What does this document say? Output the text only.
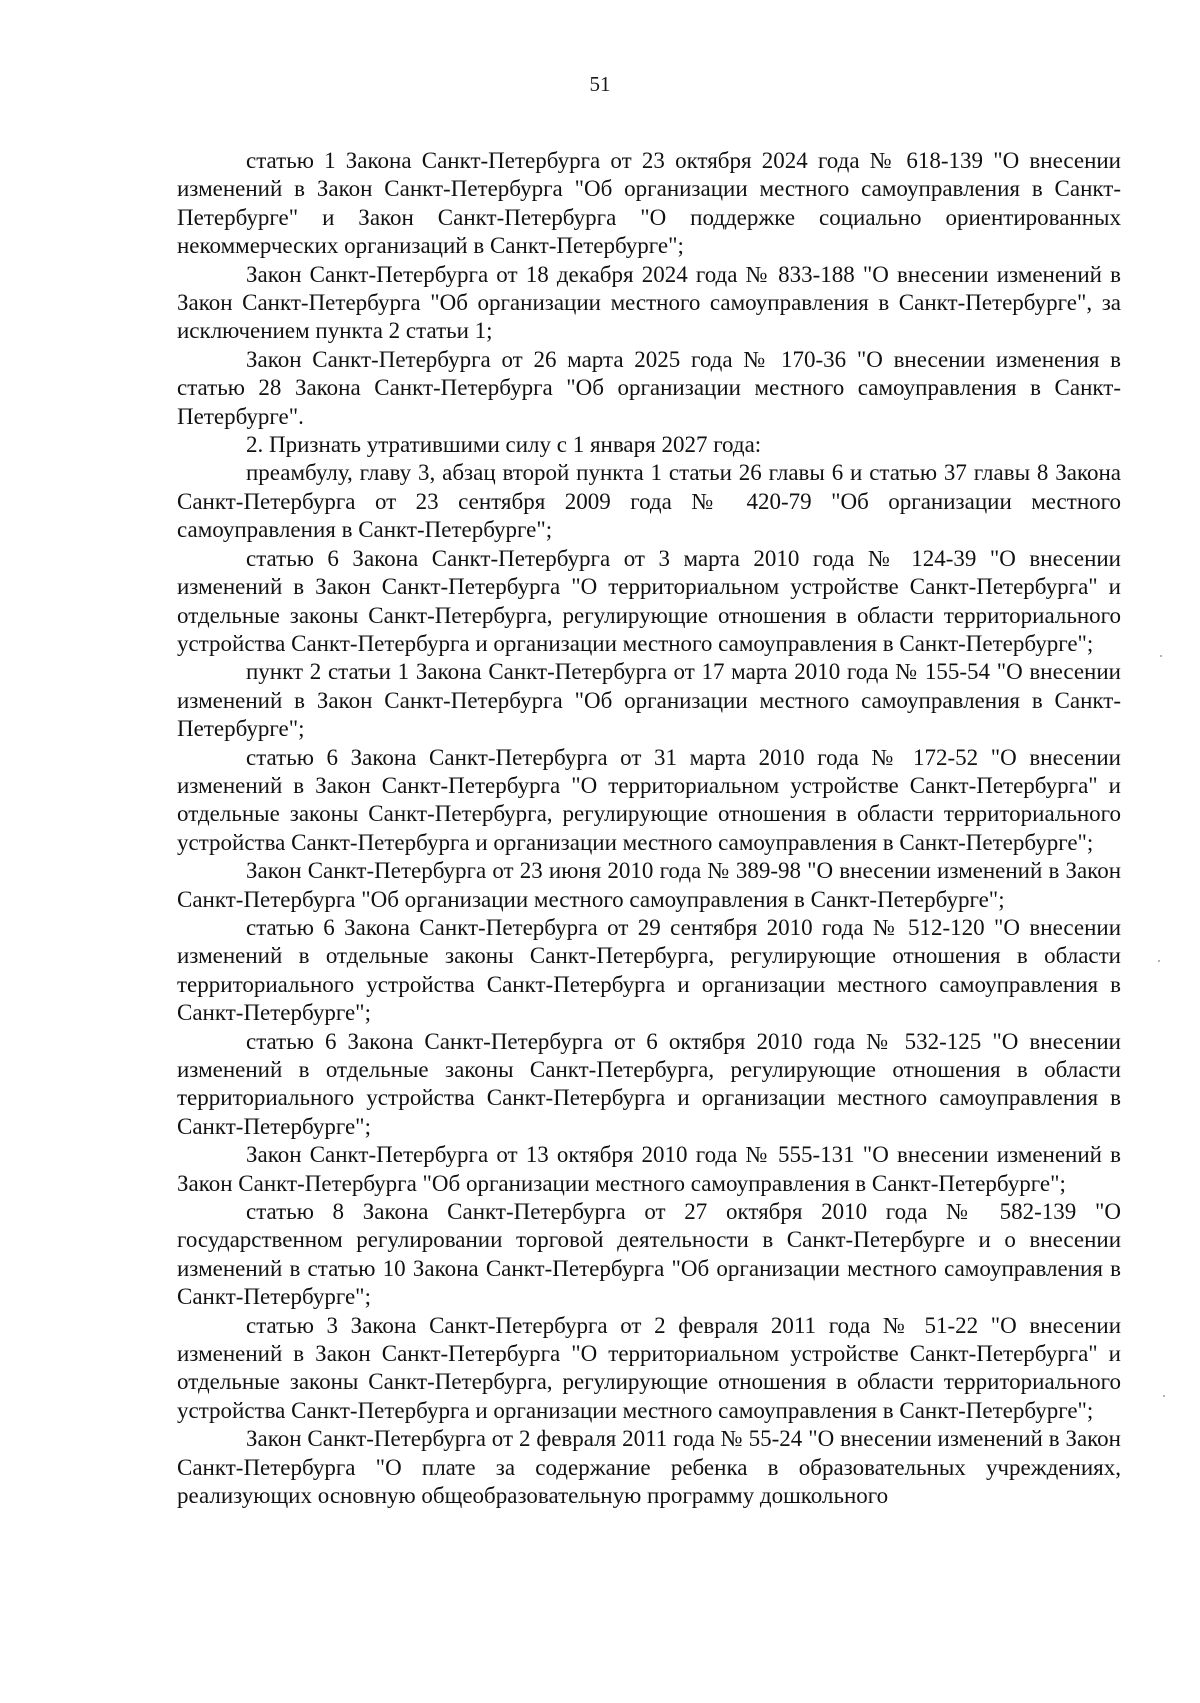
51

статью 1 Закона Санкт-Петербурга от 23 октября 2024 года № 618-139 "О внесении изменений в Закон Санкт-Петербурга "Об организации местного самоуправления в Санкт-Петербурге" и Закон Санкт-Петербурга "О поддержке социально ориентированных некоммерческих организаций в Санкт-Петербурге";

Закон Санкт-Петербурга от 18 декабря 2024 года № 833-188 "О внесении изменений в Закон Санкт-Петербурга "Об организации местного самоуправления в Санкт-Петербурге", за исключением пункта 2 статьи 1;

Закон Санкт-Петербурга от 26 марта 2025 года № 170-36 "О внесении изменения в статью 28 Закона Санкт-Петербурга "Об организации местного самоуправления в Санкт-Петербурге".

2. Признать утратившими силу с 1 января 2027 года:

преамбулу, главу 3, абзац второй пункта 1 статьи 26 главы 6 и статью 37 главы 8 Закона Санкт-Петербурга от 23 сентября 2009 года № 420-79 "Об организации местного самоуправления в Санкт-Петербурге";

статью 6 Закона Санкт-Петербурга от 3 марта 2010 года № 124-39 "О внесении изменений в Закон Санкт-Петербурга "О территориальном устройстве Санкт-Петербурга" и отдельные законы Санкт-Петербурга, регулирующие отношения в области территориального устройства Санкт-Петербурга и организации местного самоуправления в Санкт-Петербурге";

пункт 2 статьи 1 Закона Санкт-Петербурга от 17 марта 2010 года № 155-54 "О внесении изменений в Закон Санкт-Петербурга "Об организации местного самоуправления в Санкт-Петербурге";

статью 6 Закона Санкт-Петербурга от 31 марта 2010 года № 172-52 "О внесении изменений в Закон Санкт-Петербурга "О территориальном устройстве Санкт-Петербурга" и отдельные законы Санкт-Петербурга, регулирующие отношения в области территориального устройства Санкт-Петербурга и организации местного самоуправления в Санкт-Петербурге";

Закон Санкт-Петербурга от 23 июня 2010 года № 389-98 "О внесении изменений в Закон Санкт-Петербурга "Об организации местного самоуправления в Санкт-Петербурге";

статью 6 Закона Санкт-Петербурга от 29 сентября 2010 года № 512-120 "О внесении изменений в отдельные законы Санкт-Петербурга, регулирующие отношения в области территориального устройства Санкт-Петербурга и организации местного самоуправления в Санкт-Петербурге";

статью 6 Закона Санкт-Петербурга от 6 октября 2010 года № 532-125 "О внесении изменений в отдельные законы Санкт-Петербурга, регулирующие отношения в области территориального устройства Санкт-Петербурга и организации местного самоуправления в Санкт-Петербурге";

Закон Санкт-Петербурга от 13 октября 2010 года № 555-131 "О внесении изменений в Закон Санкт-Петербурга "Об организации местного самоуправления в Санкт-Петербурге";

статью 8 Закона Санкт-Петербурга от 27 октября 2010 года № 582-139 "О государственном регулировании торговой деятельности в Санкт-Петербурге и о внесении изменений в статью 10 Закона Санкт-Петербурга "Об организации местного самоуправления в Санкт-Петербурге";

статью 3 Закона Санкт-Петербурга от 2 февраля 2011 года № 51-22 "О внесении изменений в Закон Санкт-Петербурга "О территориальном устройстве Санкт-Петербурга" и отдельные законы Санкт-Петербурга, регулирующие отношения в области территориального устройства Санкт-Петербурга и организации местного самоуправления в Санкт-Петербурге";

Закон Санкт-Петербурга от 2 февраля 2011 года № 55-24 "О внесении изменений в Закон Санкт-Петербурга "О плате за содержание ребенка в образовательных учреждениях, реализующих основную общеобразовательную программу дошкольного
